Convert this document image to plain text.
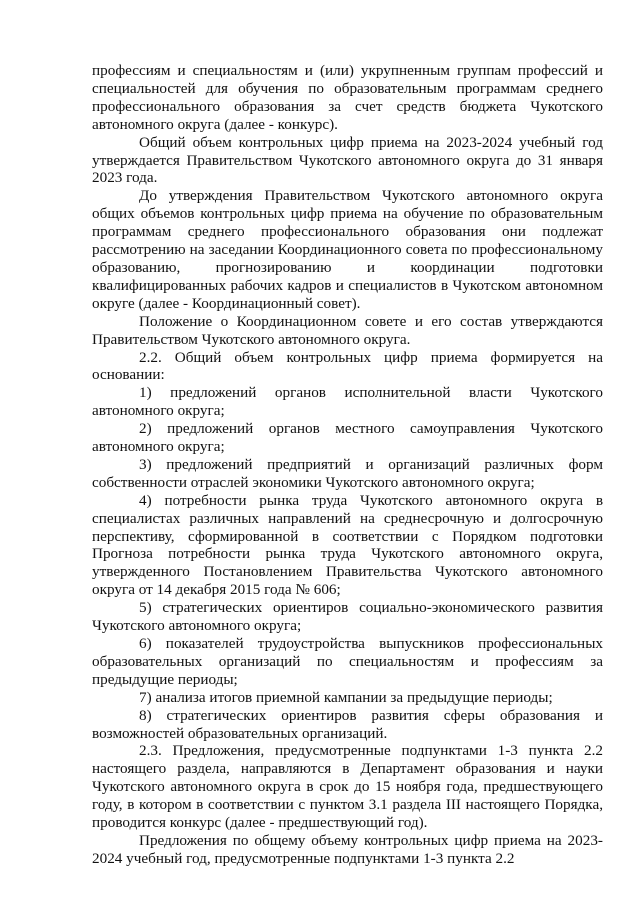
профессиям и специальностям и (или) укрупненным группам профессий и специальностей для обучения по образовательным программам среднего профессионального образования за счет средств бюджета Чукотского автономного округа (далее - конкурс).

Общий объем контрольных цифр приема на 2023-2024 учебный год утверждается Правительством Чукотского автономного округа до 31 января 2023 года.

До утверждения Правительством Чукотского автономного округа общих объемов контрольных цифр приема на обучение по образовательным программам среднего профессионального образования они подлежат рассмотрению на заседании Координационного совета по профессиональному образованию, прогнозированию и координации подготовки квалифицированных рабочих кадров и специалистов в Чукотском автономном округе (далее - Координационный совет).

Положение о Координационном совете и его состав утверждаются Правительством Чукотского автономного округа.

2.2. Общий объем контрольных цифр приема формируется на основании:

1) предложений органов исполнительной власти Чукотского автономного округа;

2) предложений органов местного самоуправления Чукотского автономного округа;

3) предложений предприятий и организаций различных форм собственности отраслей экономики Чукотского автономного округа;

4) потребности рынка труда Чукотского автономного округа в специалистах различных направлений на среднесрочную и долгосрочную перспективу, сформированной в соответствии с Порядком подготовки Прогноза потребности рынка труда Чукотского автономного округа, утвержденного Постановлением Правительства Чукотского автономного округа от 14 декабря 2015 года № 606;

5) стратегических ориентиров социально-экономического развития Чукотского автономного округа;

6) показателей трудоустройства выпускников профессиональных образовательных организаций по специальностям и профессиям за предыдущие периоды;

7) анализа итогов приемной кампании за предыдущие периоды;

8) стратегических ориентиров развития сферы образования и возможностей образовательных организаций.

2.3. Предложения, предусмотренные подпунктами 1-3 пункта 2.2 настоящего раздела, направляются в Департамент образования и науки Чукотского автономного округа в срок до 15 ноября года, предшествующего году, в котором в соответствии с пунктом 3.1 раздела III настоящего Порядка, проводится конкурс (далее - предшествующий год).

Предложения по общему объему контрольных цифр приема на 2023-2024 учебный год, предусмотренные подпунктами 1-3 пункта 2.2
